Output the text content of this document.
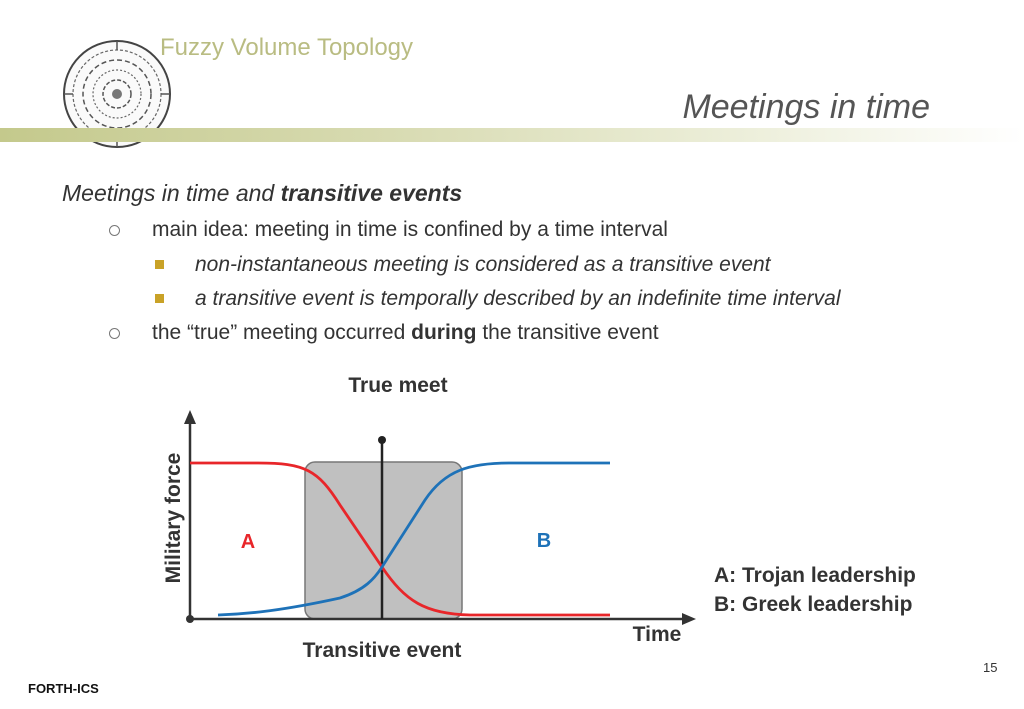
Fuzzy Volume Topology
Meetings in time
Meetings in time and transitive events
main idea: meeting in time is confined by a time interval
non-instantaneous meeting is considered as a transitive event
a transitive event is temporally described by an indefinite time interval
the “true” meeting occurred during the transitive event
True meet
Military force
Time
Transitive event
A	B
A: Trojan leadership
B: Greek leadership
15
FORTH-ICS
